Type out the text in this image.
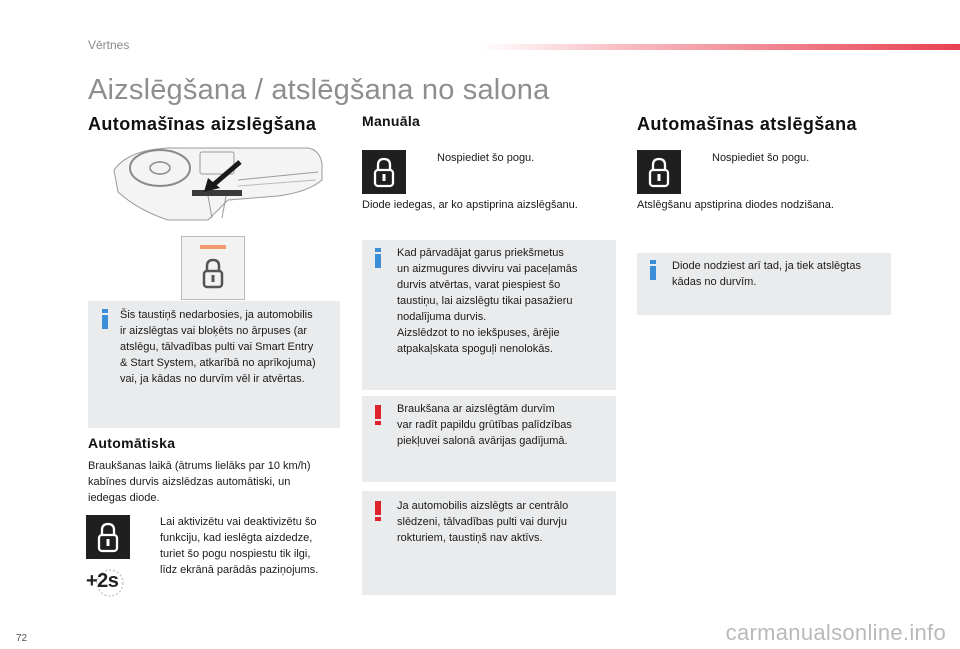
Vērtnes
Aizslēgšana / atslēgšana no salona
Automašīnas aizslēgšana
Šis taustiņš nedarbosies, ja automobilis
ir aizslēgtas vai bloķēts no ārpuses (ar
atslēgu, tālvadības pulti vai Smart Entry
& Start System, atkarībā no aprīkojuma)
vai, ja kādas no durvīm vēl ir atvērtas.
Automātiska
Braukšanas laikā (ātrums lielāks par 10 km/h)
kabīnes durvis aizslēdzas automātiski, un
iedegas diode.
Lai aktivizētu vai deaktivizētu šo
funkciju, kad ieslēgta aizdedze,
turiet šo pogu nospiestu tik ilgi,
līdz ekrānā parādās paziņojums.
+2s
Manuāla
Nospiediet šo pogu.
Diode iedegas, ar ko apstiprina aizslēgšanu.
Kad pārvadājat garus priekšmetus
un aizmugures divviru vai paceļamās
durvis atvērtas, varat piespiest šo
taustiņu, lai aizslēgtu tikai pasažieru
nodalījuma durvis.
Aizslēdzot to no iekšpuses, ārējie
atpakaļskata spoguļi nenolokās.
Braukšana ar aizslēgtām durvīm
var radīt papildu grūtības palīdzības
piekļuvei salonā avārijas gadījumā.
Ja automobilis aizslēgts ar centrālo
slēdzeni, tālvadības pulti vai durvju
rokturiem, taustiņš nav aktīvs.
Automašīnas atslēgšana
Nospiediet šo pogu.
Atslēgšanu apstiprina diodes nodzišana.
Diode nodziest arī tad, ja tiek atslēgtas
kādas no durvīm.
72	carmanualsonline.info
